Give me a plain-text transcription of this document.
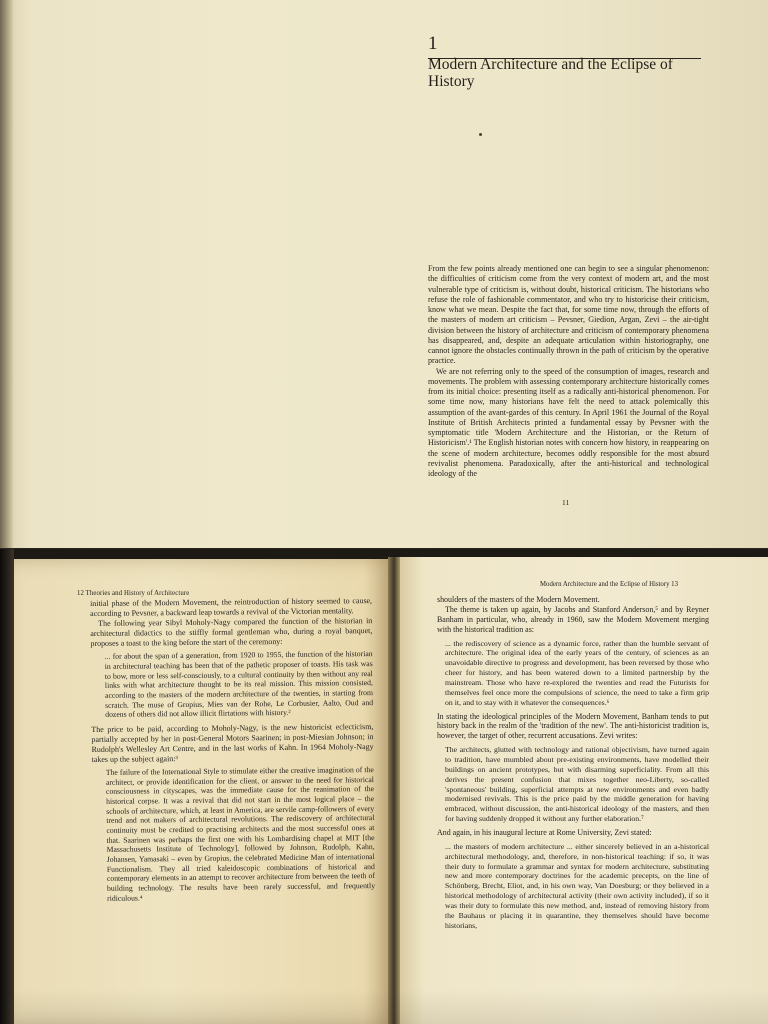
1
Modern Architecture and the Eclipse of History

From the few points already mentioned one can begin to see a singular phenomenon: the difficulties of criticism come from the very context of modern art, and the most vulnerable type of criticism is, without doubt, historical criticism. The historians who refuse the role of fashionable commentator, and who try to historicise their criticism, know what we mean. Despite the fact that, for some time now, through the efforts of the masters of modern art criticism – Pevsner, Giedion, Argan, Zevi – the air-tight division between the history of architecture and criticism of contemporary phenomena has disappeared, and, despite an adequate articulation within historiography, one cannot ignore the obstacles continually thrown in the path of criticism by the operative practice.

We are not referring only to the speed of the consumption of images, research and movements. The problem with assessing contemporary architecture historically comes from its initial choice: presenting itself as a radically anti-historical phenomenon. For some time now, many historians have felt the need to attack polemically this assumption of the avant-gardes of this century. In April 1961 the Journal of the Royal Institute of British Architects printed a fundamental essay by Pevsner with the symptomatic title 'Modern Architecture and the Historian, or the Return of Historicism'.¹ The English historian notes with concern how history, in reappearing on the scene of modern architecture, becomes oddly responsible for the most absurd revivalist phenomena. Paradoxically, after the anti-historical and technological ideology of the

11
12 Theories and History of Architecture

initial phase of the Modern Movement, the reintroduction of history seemed to cause, according to Pevsner, a backward leap towards a revival of the Victorian mentality.

The following year Sibyl Moholy-Nagy compared the function of the historian in architectural didactics to the stiffly formal gentleman who, during a royal banquet, proposes a toast to the king before the start of the ceremony:

... for about the span of a generation, from 1920 to 1955, the function of the historian in architectural teaching has been that of the pathetic proposer of toasts. His task was to bow, more or less self-consciously, to a cultural continuity by then without any real links with what architecture thought to be its real mission. This mission consisted, according to the masters of the modern architecture of the twenties, in starting from scratch. The muse of Gropius, Mies van der Rohe, Le Corbusier, Aalto, Oud and dozens of others did not allow illicit flirtations with history.²

The price to be paid, according to Moholy-Nagy, is the new historicist eclecticism, partially accepted by her in post-General Motors Saarinen; in post-Miesian Johnson; in Rudolph's Wellesley Art Centre, and in the last works of Kahn. In 1964 Moholy-Nagy takes up the subject again:³

The failure of the International Style to stimulate either the creative imagination of the architect, or provide identification for the client, or answer to the need for historical consciousness in cityscapes, was the immediate cause for the reanimation of the historical corpse. It was a revival that did not start in the most logical place – the schools of architecture, which, at least in America, are servile camp-followers of every trend and not makers of architectural revolutions. The rediscovery of architectural continuity must be credited to practising architects and the most successful ones at that. Saarinen was perhaps the first one with his Lombardising chapel at MIT [the Massachusetts Institute of Technology], followed by Johnson, Rudolph, Kahn, Johansen, Yamasaki – even by Gropius, the celebrated Medicine Man of international Functionalism. They all tried kaleidoscopic combinations of historical and contemporary elements in an attempt to recover architecture from between the teeth of building technology. The results have been rarely successful, and frequently ridiculous.⁴

Modern Architecture and the Eclipse of History 13

shoulders of the masters of the Modern Movement.

The theme is taken up again, by Jacobs and Stanford Anderson,⁵ and by Reyner Banham in particular, who, already in 1960, saw the Modern Movement merging with the historical tradition as:

... the rediscovery of science as a dynamic force, rather than the humble servant of architecture. The original idea of the early years of the century, of sciences as an unavoidable directive to progress and development, has been reversed by those who cheer for history, and has been watered down to a limited partnership by the mainstream. Those who have re-explored the twenties and read the Futurists for themselves feel once more the compulsions of science, the need to take a firm grip on it, and to stay with it whatever the consequences.⁶

In stating the ideological principles of the Modern Movement, Banham tends to put history back in the realm of the 'tradition of the new'. The anti-historicist tradition is, however, the target of other, recurrent accusations. Zevi writes:

The architects, glutted with technology and rational objectivism, have turned again to tradition, have mumbled about pre-existing environments, have modelled their buildings on ancient prototypes, but with disarming superficiality. From all this derives the present confusion that mixes together neo-Liberty, so-called 'spontaneous' building, superficial attempts at new environments and even badly modernised revivals. This is the price paid by the middle generation for having embraced, without discussion, the anti-historical ideology of the masters, and then for having suddenly dropped it without any further elaboration.⁷

And again, in his inaugural lecture at Rome University, Zevi stated:

... the masters of modern architecture ... either sincerely believed in an a-historical architectural methodology, and, therefore, in non-historical teaching: if so, it was their duty to formulate a grammar and syntax for modern architecture, substituting new and more contemporary doctrines for the academic precepts, on the line of Schönberg, Brecht, Eliot, and, in his own way, Van Doesburg; or they believed in a historical methodology of architectural activity (their own activity included), if so it was their duty to formulate this new method, and, instead of removing history from the Bauhaus or placing it in quarantine, they themselves should have become historians,
